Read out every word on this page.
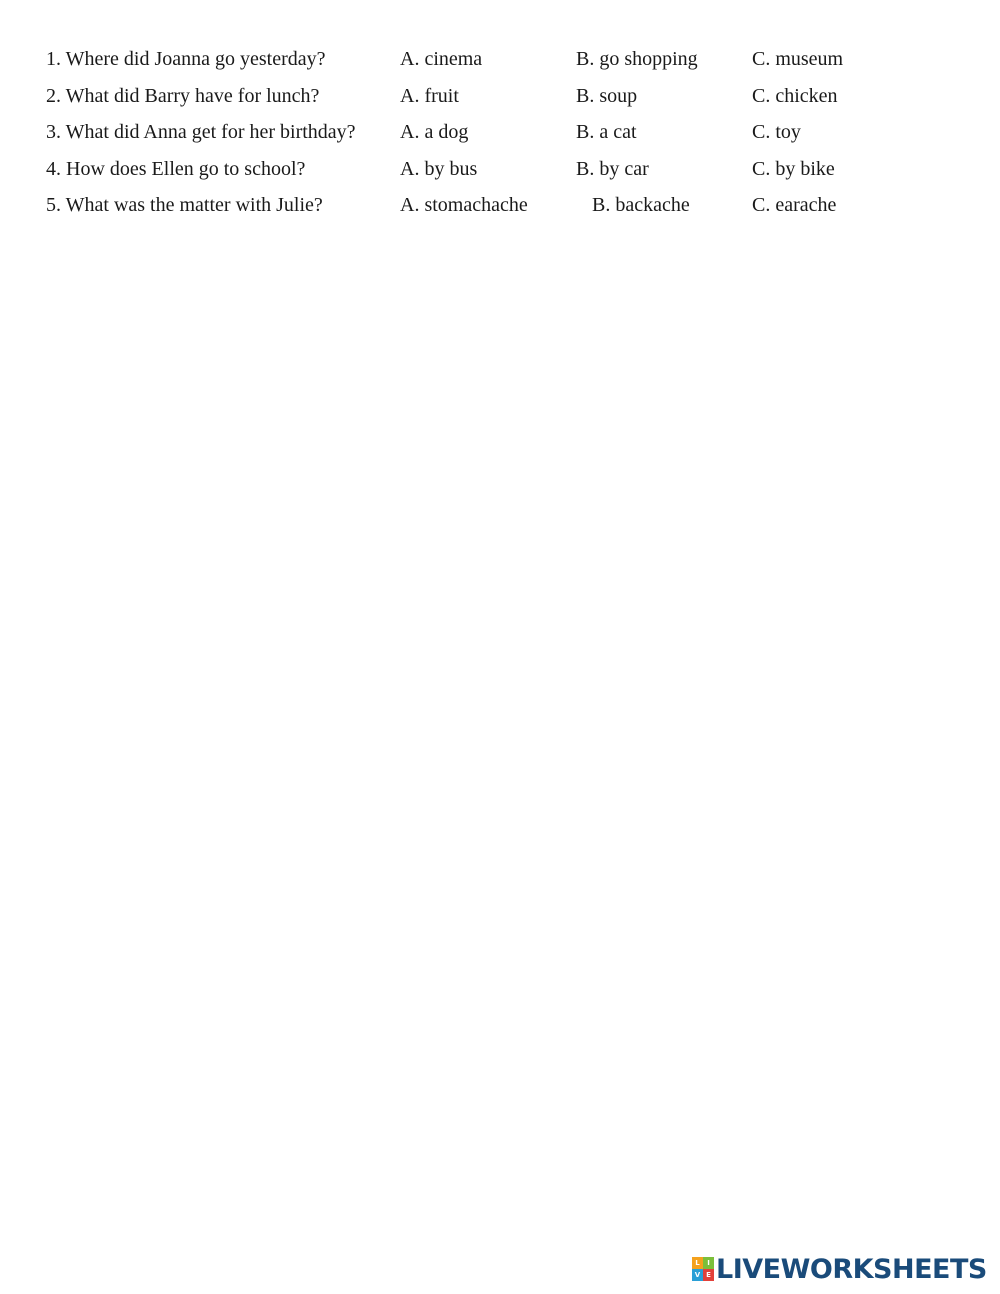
1. Where did Joanna go yesterday?	A. cinema	B. go shopping	C. museum
2. What did Barry have for lunch?	A. fruit	B. soup	C. chicken
3. What did Anna get for her birthday? A. a dog	B. a cat	C. toy
4. How does Ellen go to school?	A. by bus	B. by car	C. by bike
5. What was the matter with Julie?	A. stomachache	B. backache	C. earache
L	I
V E LIVEWORKSHEETS
